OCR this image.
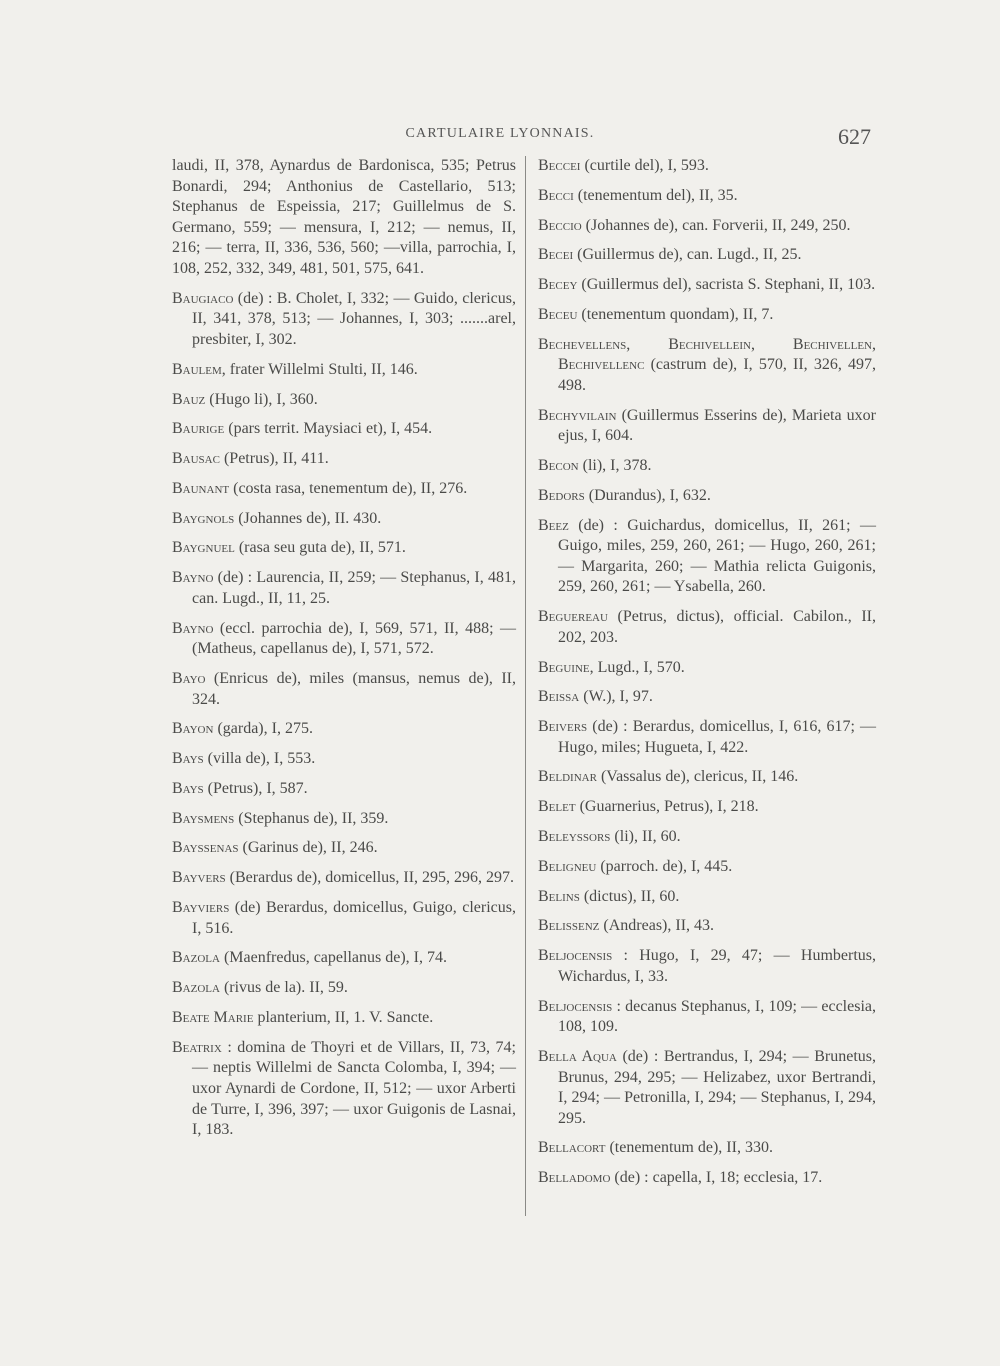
CARTULAIRE LYONNAIS.	627

laudi, II, 378, Aynardus de Bardonisca, 535; Petrus Bonardi, 294; Anthonius de Castellario, 513; Stephanus de Espeissia, 217; Guillelmus de S. Germano, 559; — mensura, I, 212; — nemus, II, 216; — terra, II, 336, 536, 560; —villa, parrochia, I, 108, 252, 332, 349, 481, 501, 575, 641.

Baugiaco (de) : B. Cholet, I, 332; — Guido, clericus, II, 341, 378, 513; — Johannes, I, 303; .......arel, presbiter, I, 302.

Baulem, frater Willelmi Stulti, II, 146.

Bauz (Hugo li), I, 360.

Baurige (pars territ. Maysiaci et), I, 454.

Bausac (Petrus), II, 411.

Baunant (costa rasa, tenementum de), II, 276.

Baygnols (Johannes de), II. 430.

Baygnuel (rasa seu guta de), II, 571.

Bayno (de) : Laurencia, II, 259; — Stephanus, I, 481, can. Lugd., II, 11, 25.

Bayno (eccl. parrochia de), I, 569, 571, II, 488; — (Matheus, capellanus de), I, 571, 572.

Bayo (Enricus de), miles (mansus, nemus de), II, 324.

Bayon (garda), I, 275.

Bays (villa de), I, 553.

Bays (Petrus), I, 587.

Baysmens (Stephanus de), II, 359.

Bayssenas (Garinus de), II, 246.

Bayvers (Berardus de), domicellus, II, 295, 296, 297.

Bayviers (de) Berardus, domicellus, Guigo, clericus, I, 516.

Bazola (Maenfredus, capellanus de), I, 74.

Bazola (rivus de la). II, 59.

Beate Marie planterium, II, 1. V. Sancte.

Beatrix : domina de Thoyri et de Villars, II, 73, 74; — neptis Willelmi de Sancta Colomba, I, 394; — uxor Aynardi de Cordone, II, 512; — uxor Arberti de Turre, I, 396, 397; — uxor Guigonis de Lasnai, I, 183.

Beccei (curtile del), I, 593.

Becci (tenementum del), II, 35.

Beccio (Johannes de), can. Forverii, II, 249, 250.

Becei (Guillermus de), can. Lugd., II, 25.

Becey (Guillermus del), sacrista S. Stephani, II, 103.

Beceu (tenementum quondam), II, 7.

Bechevellens, Bechivellein, Bechivellen, Bechivellenc (castrum de), I, 570, II, 326, 497, 498.

Bechyvilain (Guillermus Esserins de), Marieta uxor ejus, I, 604.

Becon (li), I, 378.

Bedors (Durandus), I, 632.

Beez (de) : Guichardus, domicellus, II, 261; — Guigo, miles, 259, 260, 261; — Hugo, 260, 261; — Margarita, 260; — Mathia relicta Guigonis, 259, 260, 261; — Ysabella, 260.

Beguereau (Petrus, dictus), official. Cabilon., II, 202, 203.

Beguine, Lugd., I, 570.

Beissa (W.), I, 97.

Beivers (de) : Berardus, domicellus, I, 616, 617; — Hugo, miles; Hugueta, I, 422.

Beldinar (Vassalus de), clericus, II, 146.

Belet (Guarnerius, Petrus), I, 218.

Beleyssors (li), II, 60.

Beligneu (parroch. de), I, 445.

Belins (dictus), II, 60.

Belissenz (Andreas), II, 43.

Beljocensis : Hugo, I, 29, 47; — Humbertus, Wichardus, I, 33.

Beljocensis : decanus Stephanus, I, 109; — ecclesia, 108, 109.

Bella Aqua (de) : Bertrandus, I, 294; — Brunetus, Brunus, 294, 295; — Helizabez, uxor Bertrandi, I, 294; — Petronilla, I, 294; — Stephanus, I, 294, 295.

Bellacort (tenementum de), II, 330.

Belladomo (de) : capella, I, 18; ecclesia, 17.
